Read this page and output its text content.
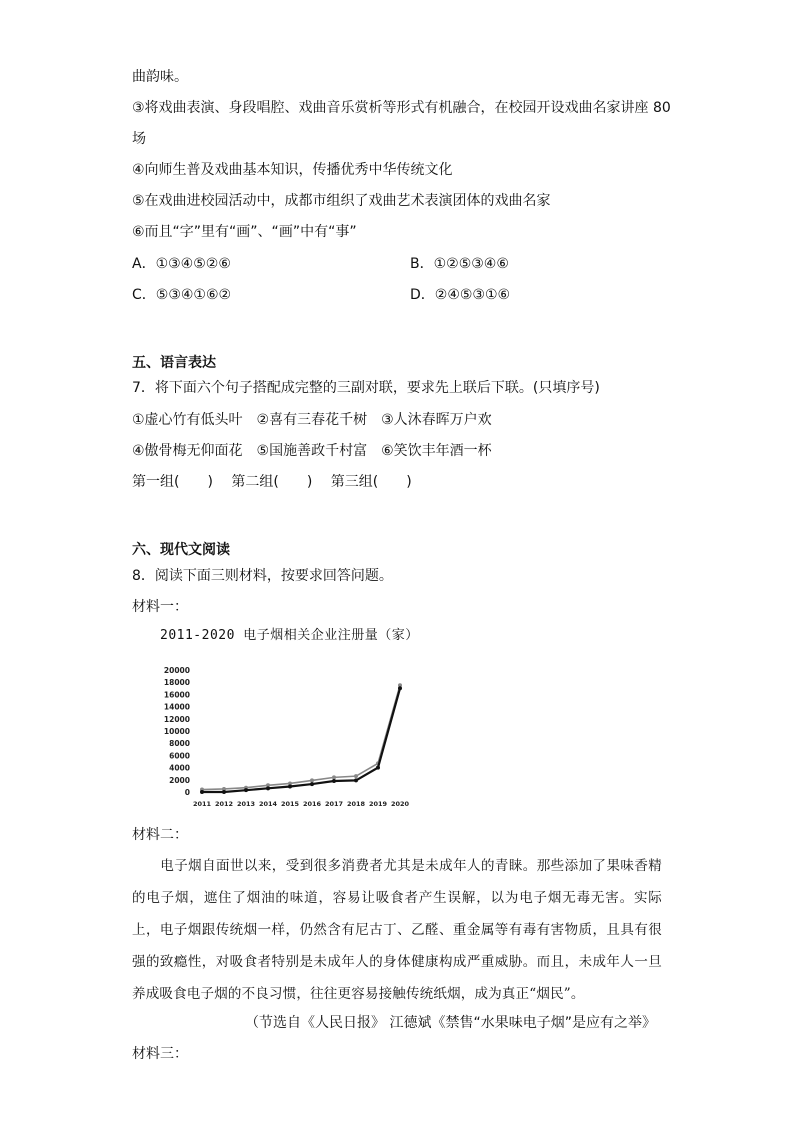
曲韵味。
③将戏曲表演、身段唱腔、戏曲音乐赏析等形式有机融合，在校园开设戏曲名家讲座 80
场
④向师生普及戏曲基本知识，传播优秀中华传统文化
⑤在戏曲进校园活动中，成都市组织了戏曲艺术表演团体的戏曲名家
⑥而且“字”里有“画”、“画”中有“事”
A．①③④⑤②⑥	B．①②⑤③④⑥
C．⑤③④①⑥②	D．②④⑤③①⑥
五、语言表达
7．将下面六个句子搭配成完整的三副对联，要求先上联后下联。(只填序号)
①虚心竹有低头叶　②喜有三春花千树　③人沐春晖万户欢
④傲骨梅无仰面花　⑤国施善政千村富　⑥笑饮丰年酒一杯
第一组(　　)　 第二组(　　)　 第三组(　　)
六、现代文阅读
8．阅读下面三则材料，按要求回答问题。
材料一：
2011-2020 电子烟相关企业注册量（家）
0
2000
4000
6000
8000
10000
12000
14000
16000
18000
20000
2011 2012 2013 2014 2015 2016 2017 2018 2019 2020
材料二：
电子烟自面世以来，受到很多消费者尤其是未成年人的青睐。那些添加了果味香精的电子烟，遮住了烟油的味道，容易让吸食者产生误解，以为电子烟无毒无害。实际上，电子烟跟传统烟一样，仍然含有尼古丁、乙醛、重金属等有毒有害物质，且具有很强的致瘾性，对吸食者特别是未成年人的身体健康构成严重威胁。而且，未成年人一旦养成吸食电子烟的不良习惯，往往更容易接触传统纸烟，成为真正“烟民”。
（节选自《人民日报》 江德斌《禁售“水果味电子烟”是应有之举》
材料三：
